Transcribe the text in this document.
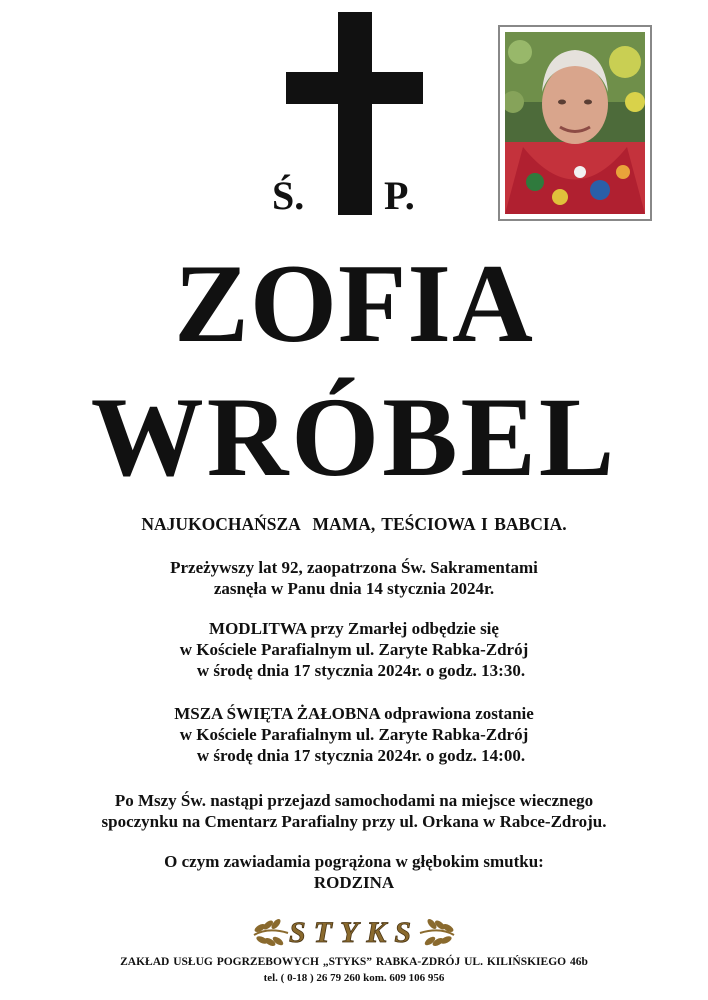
Ś. P.
ZOFIA
WRÓBEL
NAJUKOCHAŃSZA  MAMA, TEŚCIOWA I BABCIA.
Przeżywszy lat 92, zaopatrzona Św. Sakramentami
zasnęła w Panu dnia 14 stycznia 2024r.
MODLITWA przy Zmarłej odbędzie się
w Kościele Parafialnym ul. Zaryte Rabka-Zdrój
w środę dnia 17 stycznia 2024r. o godz. 13:30.
MSZA ŚWIĘTA ŻAŁOBNA odprawiona zostanie
w Kościele Parafialnym ul. Zaryte Rabka-Zdrój
w środę dnia 17 stycznia 2024r. o godz. 14:00.
Po Mszy Św. nastąpi przejazd samochodami na miejsce wiecznego
spoczynku na Cmentarz Parafialny przy ul. Orkana w Rabce-Zdroju.
O czym zawiadamia pogrążona w głębokim smutku:
RODZINA
STYKS
ZAKŁAD USŁUG POGRZEBOWYCH „STYKS” RABKA-ZDRÓJ UL. KILIŃSKIEGO 46b
tel. ( 0-18 ) 26 79 260 kom. 609 106 956
